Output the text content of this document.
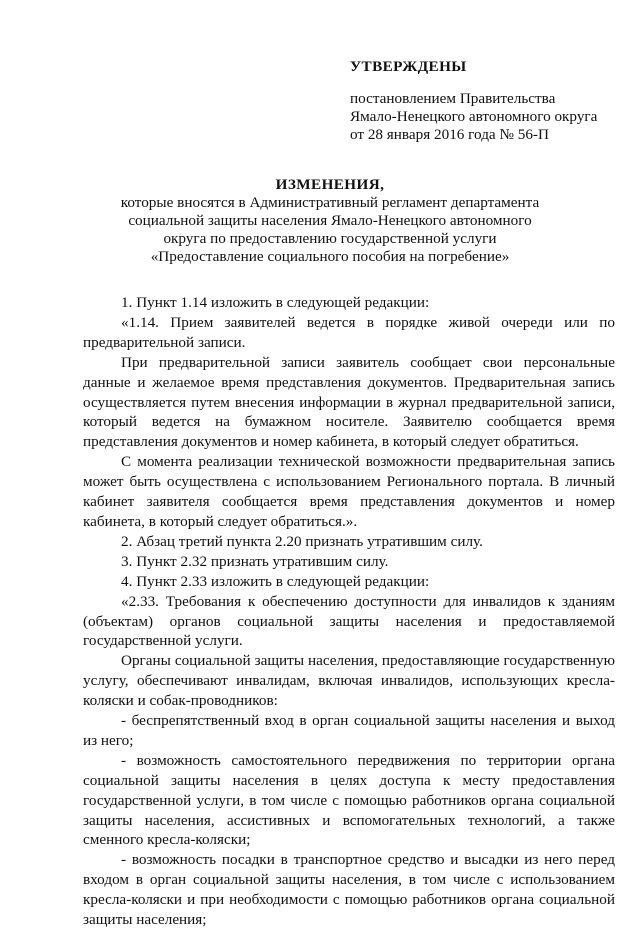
УТВЕРЖДЕНЫ
постановлением Правительства
Ямало-Ненецкого автономного округа
от 28 января 2016 года № 56-П
ИЗМЕНЕНИЯ,
которые вносятся в Административный регламент департамента
социальной защиты населения Ямало-Ненецкого автономного
округа по предоставлению государственной услуги
«Предоставление социального пособия на погребение»

1. Пункт 1.14 изложить в следующей редакции:

«1.14. Прием заявителей ведется в порядке живой очереди или по предварительной записи.

При предварительной записи заявитель сообщает свои персональные данные и желаемое время представления документов. Предварительная запись осуществляется путем внесения информации в журнал предварительной записи, который ведется на бумажном носителе. Заявителю сообщается время представления документов и номер кабинета, в который следует обратиться.

С момента реализации технической возможности предварительная запись может быть осуществлена с использованием Регионального портала. В личный кабинет заявителя сообщается время представления документов и номер кабинета, в который следует обратиться.».

2. Абзац третий пункта 2.20 признать утратившим силу.

3. Пункт 2.32 признать утратившим силу.

4. Пункт 2.33 изложить в следующей редакции:

«2.33. Требования к обеспечению доступности для инвалидов к зданиям (объектам) органов социальной защиты населения и предоставляемой государственной услуги.

Органы социальной защиты населения, предоставляющие государственную услугу, обеспечивают инвалидам, включая инвалидов, использующих кресла-коляски и собак-проводников:

- беспрепятственный вход в орган социальной защиты населения и выход из него;

- возможность самостоятельного передвижения по территории органа социальной защиты населения в целях доступа к месту предоставления государственной услуги, в том числе с помощью работников органа социальной защиты населения, ассистивных и вспомогательных технологий, а также сменного кресла-коляски;

- возможность посадки в транспортное средство и высадки из него перед входом в орган социальной защиты населения, в том числе с использованием кресла-коляски и при необходимости с помощью работников органа социальной защиты населения;
